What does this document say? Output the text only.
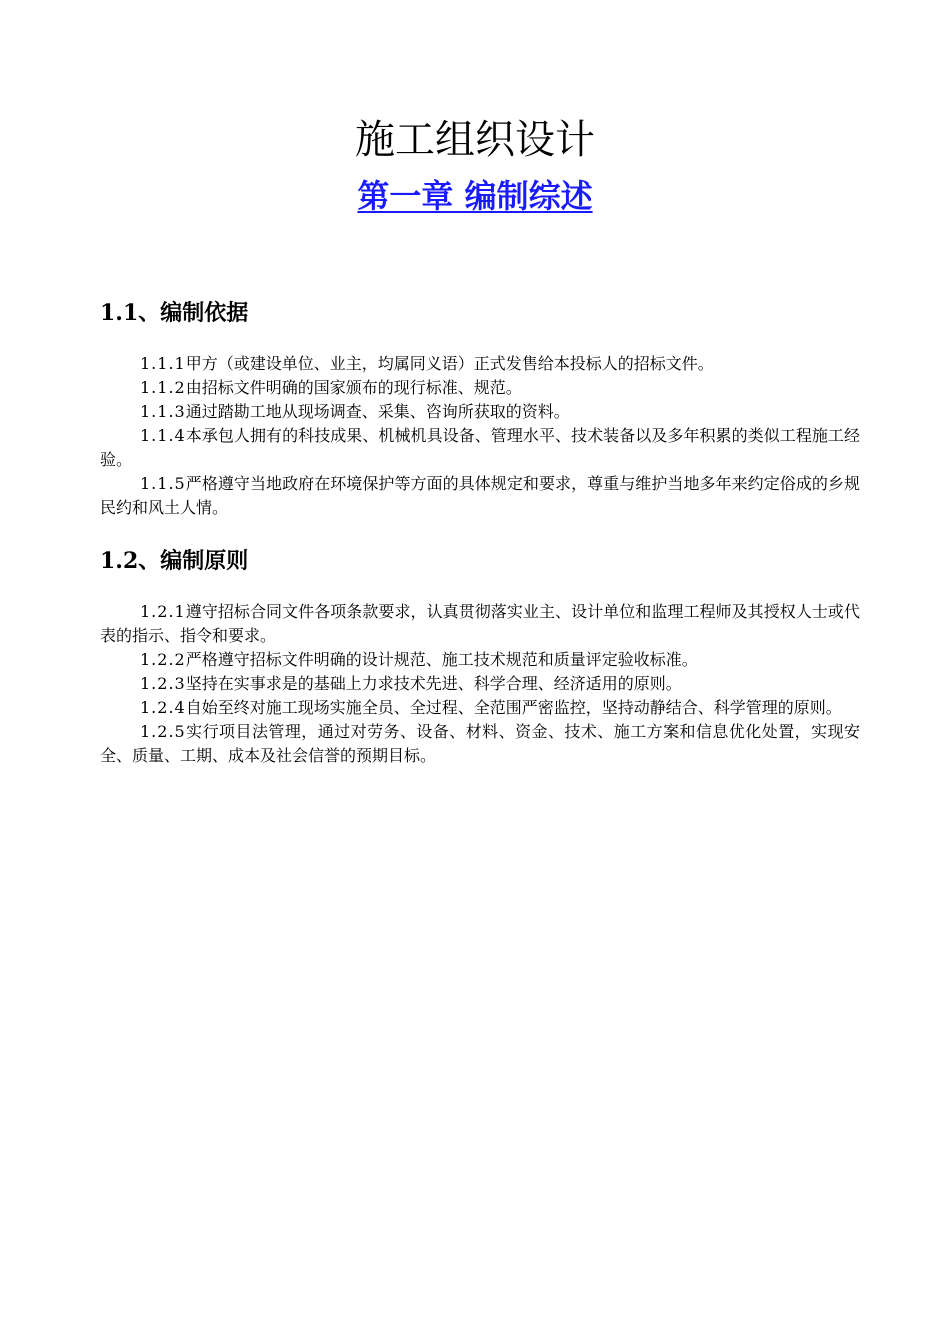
施工组织设计
第一章 编制综述
1.1、编制依据

1.1.1甲方（或建设单位、业主，均属同义语）正式发售给本投标人的招标文件。

1.1.2由招标文件明确的国家颁布的现行标准、规范。

1.1.3通过踏勘工地从现场调查、采集、咨询所获取的资料。

1.1.4本承包人拥有的科技成果、机械机具设备、管理水平、技术装备以及多年积累的类似工程施工经验。

1.1.5严格遵守当地政府在环境保护等方面的具体规定和要求，尊重与维护当地多年来约定俗成的乡规民约和风土人情。

1.2、编制原则

1.2.1遵守招标合同文件各项条款要求，认真贯彻落实业主、设计单位和监理工程师及其授权人士或代表的指示、指令和要求。

1.2.2严格遵守招标文件明确的设计规范、施工技术规范和质量评定验收标准。

1.2.3坚持在实事求是的基础上力求技术先进、科学合理、经济适用的原则。

1.2.4自始至终对施工现场实施全员、全过程、全范围严密监控，坚持动静结合、科学管理的原则。

1.2.5实行项目法管理，通过对劳务、设备、材料、资金、技术、施工方案和信息优化处置，实现安全、质量、工期、成本及社会信誉的预期目标。
